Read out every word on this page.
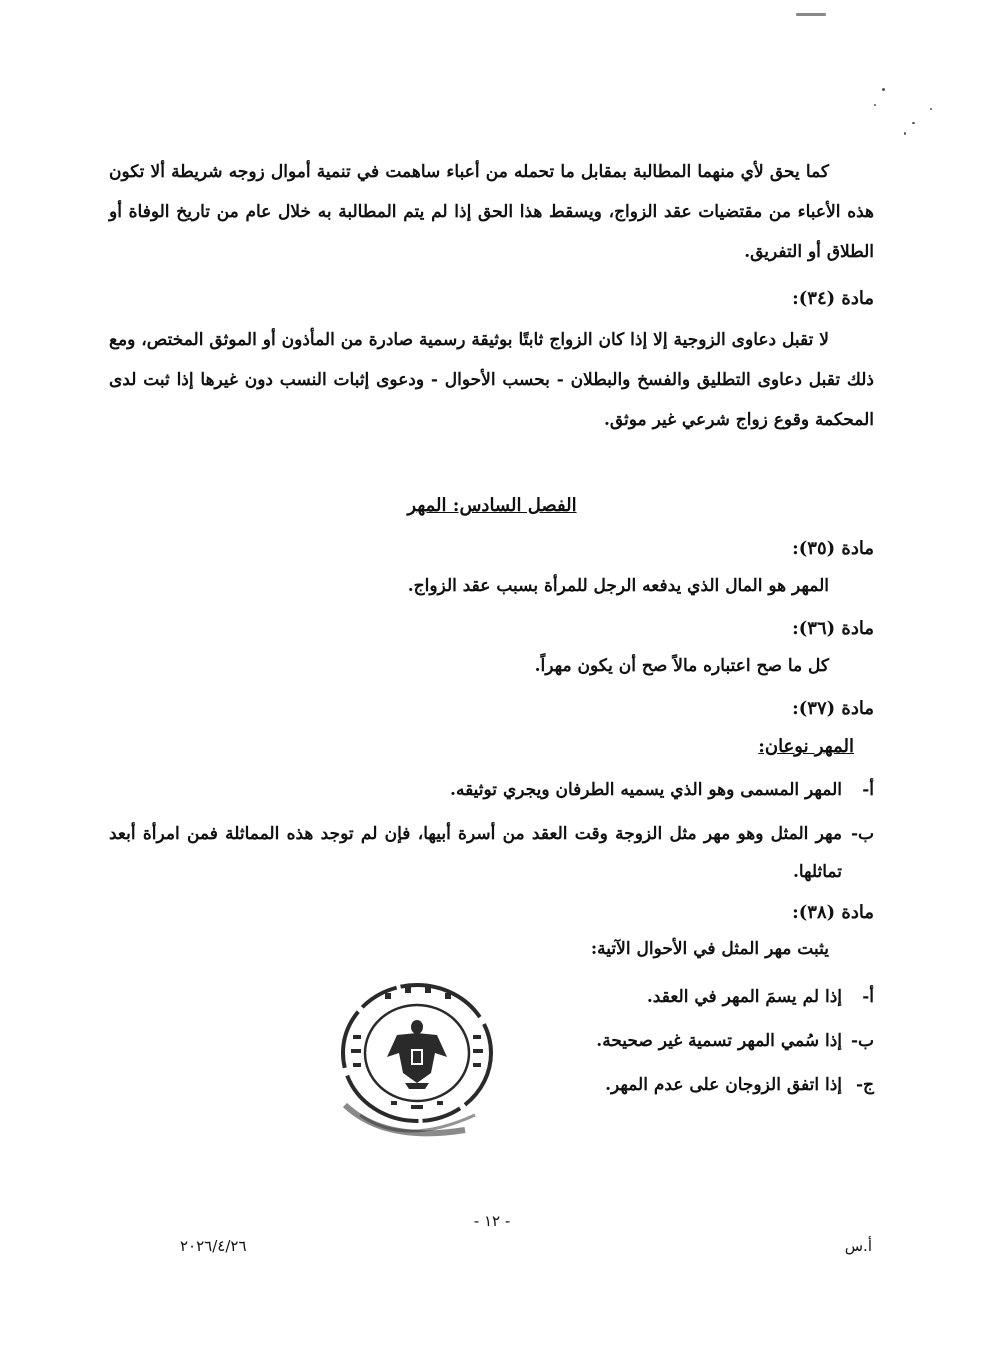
كما يحق لأي منهما المطالبة بمقابل ما تحمله من أعباء ساهمت في تنمية أموال زوجه شريطة ألا تكون هذه الأعباء من مقتضيات عقد الزواج، ويسقط هذا الحق إذا لم يتم المطالبة به خلال عام من تاريخ الوفاة أو الطلاق أو التفريق.

مادة (٣٤):

لا تقبل دعاوى الزوجية إلا إذا كان الزواج ثابتًا بوثيقة رسمية صادرة من المأذون أو الموثق المختص، ومع ذلك تقبل دعاوى التطليق والفسخ والبطلان - بحسب الأحوال - ودعوى إثبات النسب دون غيرها إذا ثبت لدى المحكمة وقوع زواج شرعي غير موثق.

الفصل السادس: المهر
مادة (٣٥):
المهر هو المال الذي يدفعه الرجل للمرأة بسبب عقد الزواج.
مادة (٣٦):
كل ما صح اعتباره مالاً صح أن يكون مهراً.
مادة (٣٧):
المهر نوعان:
أ-
المهر المسمى وهو الذي يسميه الطرفان ويجري توثيقه.
ب-
مهر المثل وهو مهر مثل الزوجة وقت العقد من أسرة أبيها، فإن لم توجد هذه المماثلة فمن امرأة أبعد تماثلها.
مادة (٣٨):
يثبت مهر المثل في الأحوال الآتية:
أ-
إذا لم يسمَ المهر في العقد.
ب-
إذا سُمي المهر تسمية غير صحيحة.
ج-
إذا اتفق الزوجان على عدم المهر.
- ١٢ -
أ.س
٢٠٢٦/٤/٢٦
